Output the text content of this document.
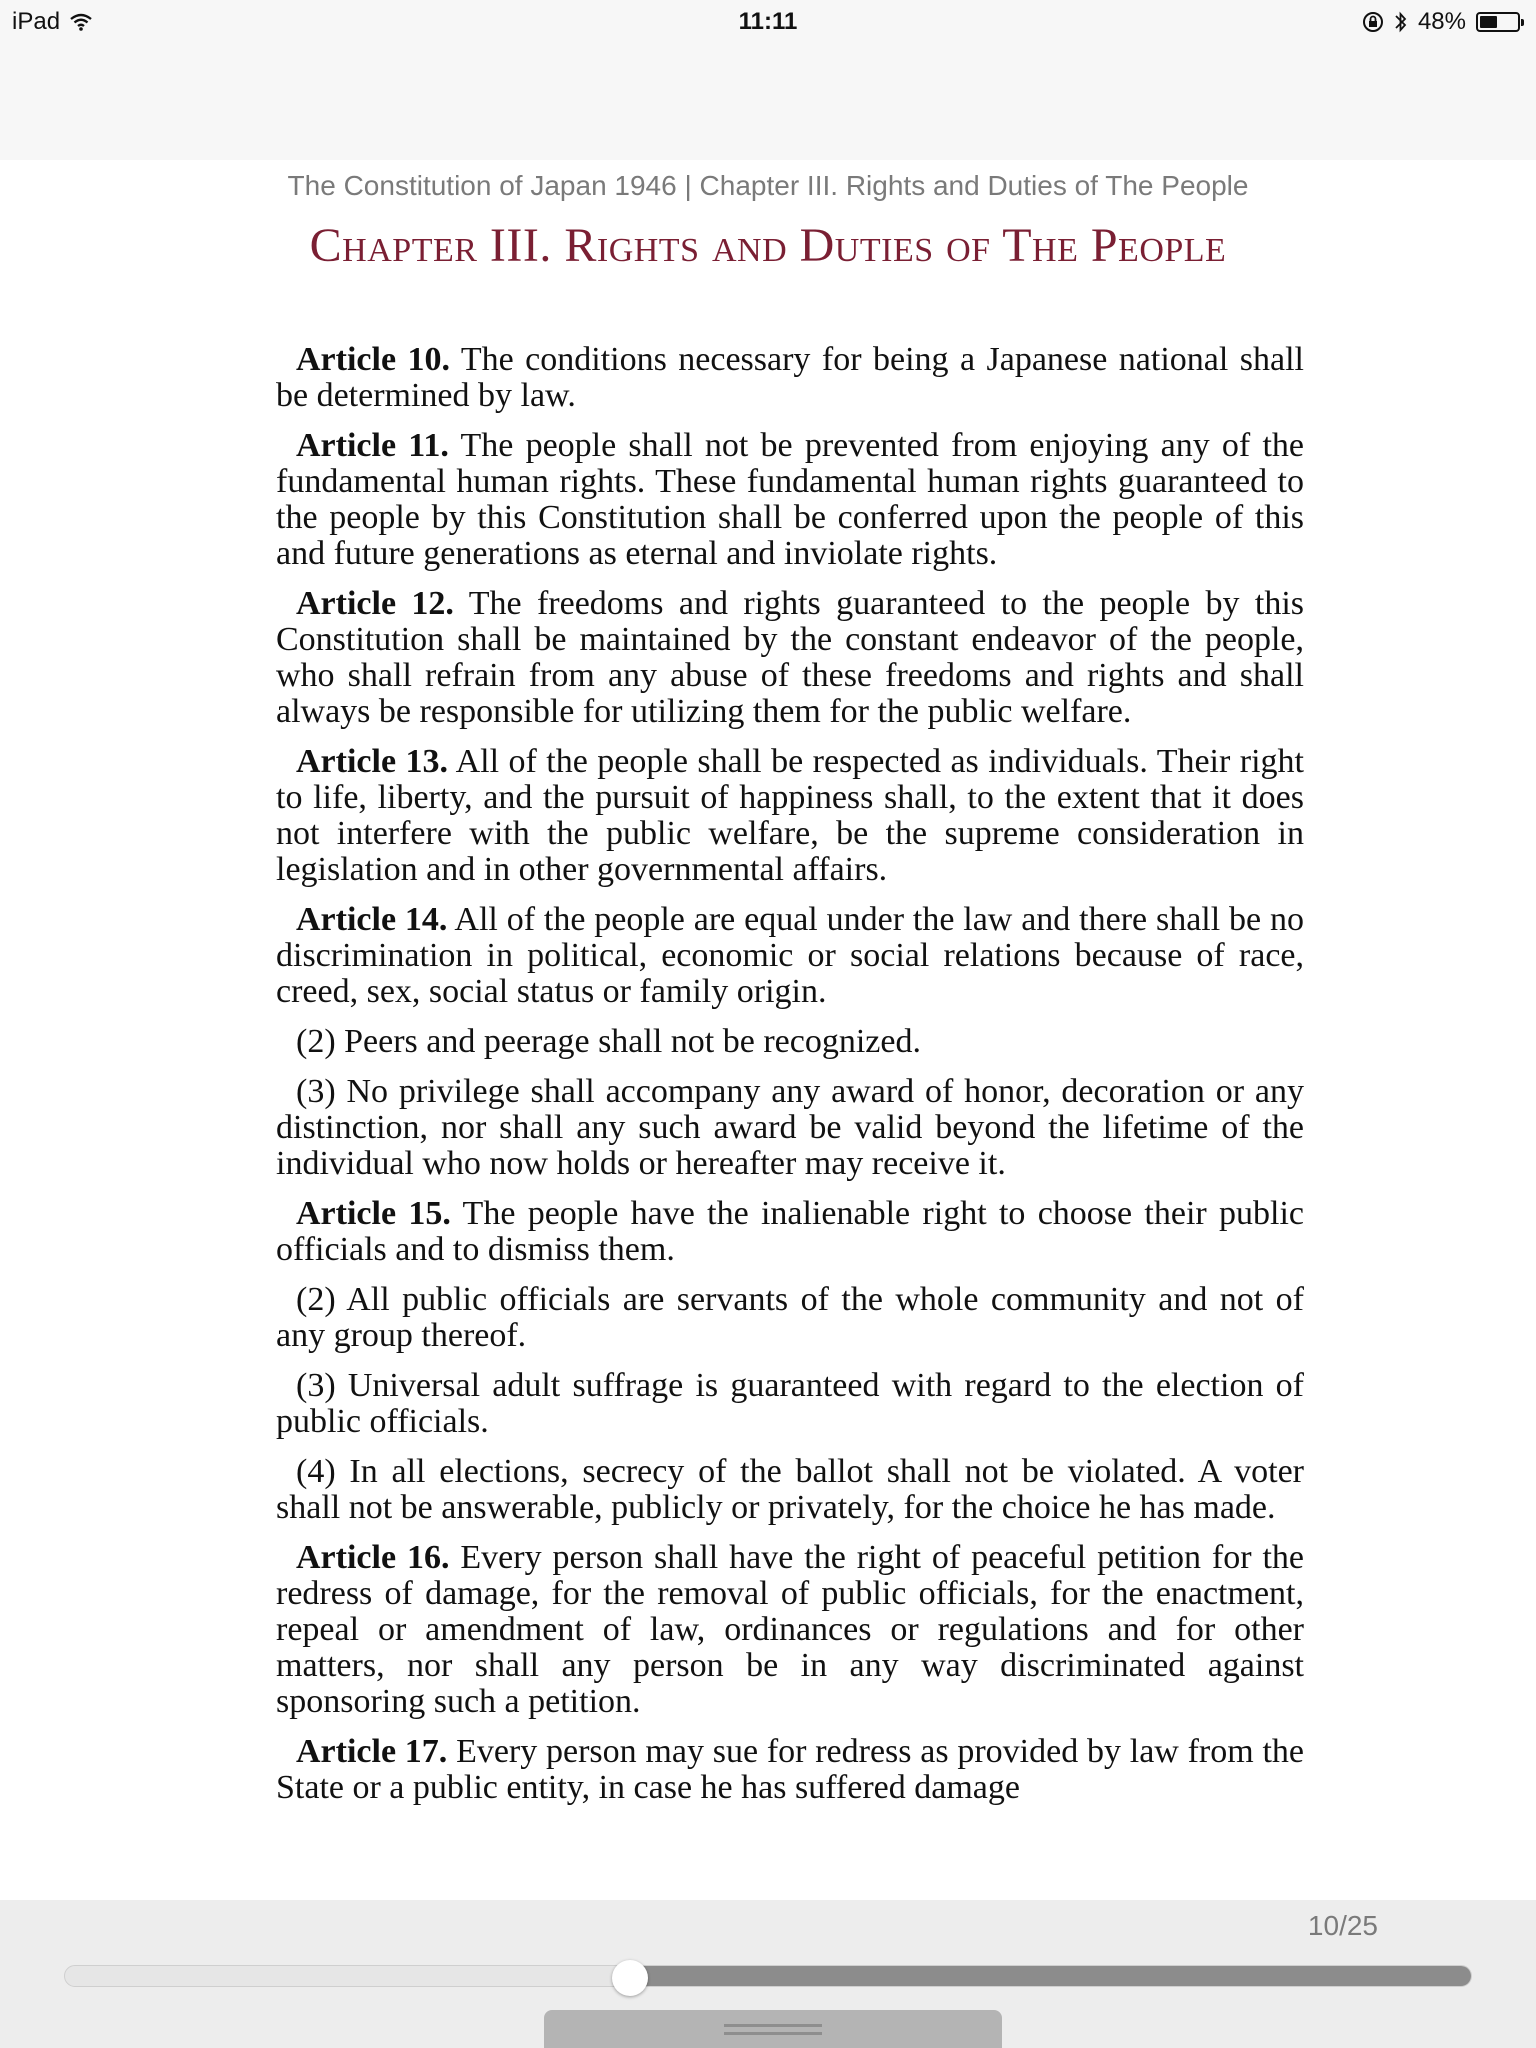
iPad	11:11	48%
The Constitution of Japan 1946 | Chapter III. Rights and Duties of The People
Chapter III. Rights and Duties of The People

Article 10. The conditions necessary for being a Japanese national shall be determined by law.

Article 11. The people shall not be prevented from enjoying any of the fundamental human rights. These fundamental human rights guaranteed to the people by this Constitution shall be conferred upon the people of this and future generations as eternal and inviolate rights.

Article 12. The freedoms and rights guaranteed to the people by this Constitution shall be maintained by the constant endeavor of the people, who shall refrain from any abuse of these freedoms and rights and shall always be responsible for utilizing them for the public welfare.

Article 13. All of the people shall be respected as individuals. Their right to life, liberty, and the pursuit of happiness shall, to the extent that it does not interfere with the public welfare, be the supreme consideration in legislation and in other governmental affairs.

Article 14. All of the people are equal under the law and there shall be no discrimination in political, economic or social relations because of race, creed, sex, social status or family origin.

(2) Peers and peerage shall not be recognized.

(3) No privilege shall accompany any award of honor, decoration or any distinction, nor shall any such award be valid beyond the lifetime of the individual who now holds or hereafter may receive it.

Article 15. The people have the inalienable right to choose their public officials and to dismiss them.

(2) All public officials are servants of the whole community and not of any group thereof.

(3) Universal adult suffrage is guaranteed with regard to the election of public officials.

(4) In all elections, secrecy of the ballot shall not be violated. A voter shall not be answerable, publicly or privately, for the choice he has made.

Article 16. Every person shall have the right of peaceful petition for the redress of damage, for the removal of public officials, for the enactment, repeal or amendment of law, ordinances or regulations and for other matters, nor shall any person be in any way discriminated against sponsoring such a petition.

Article 17. Every person may sue for redress as provided by law from the State or a public entity, in case he has suffered damage

10/25
